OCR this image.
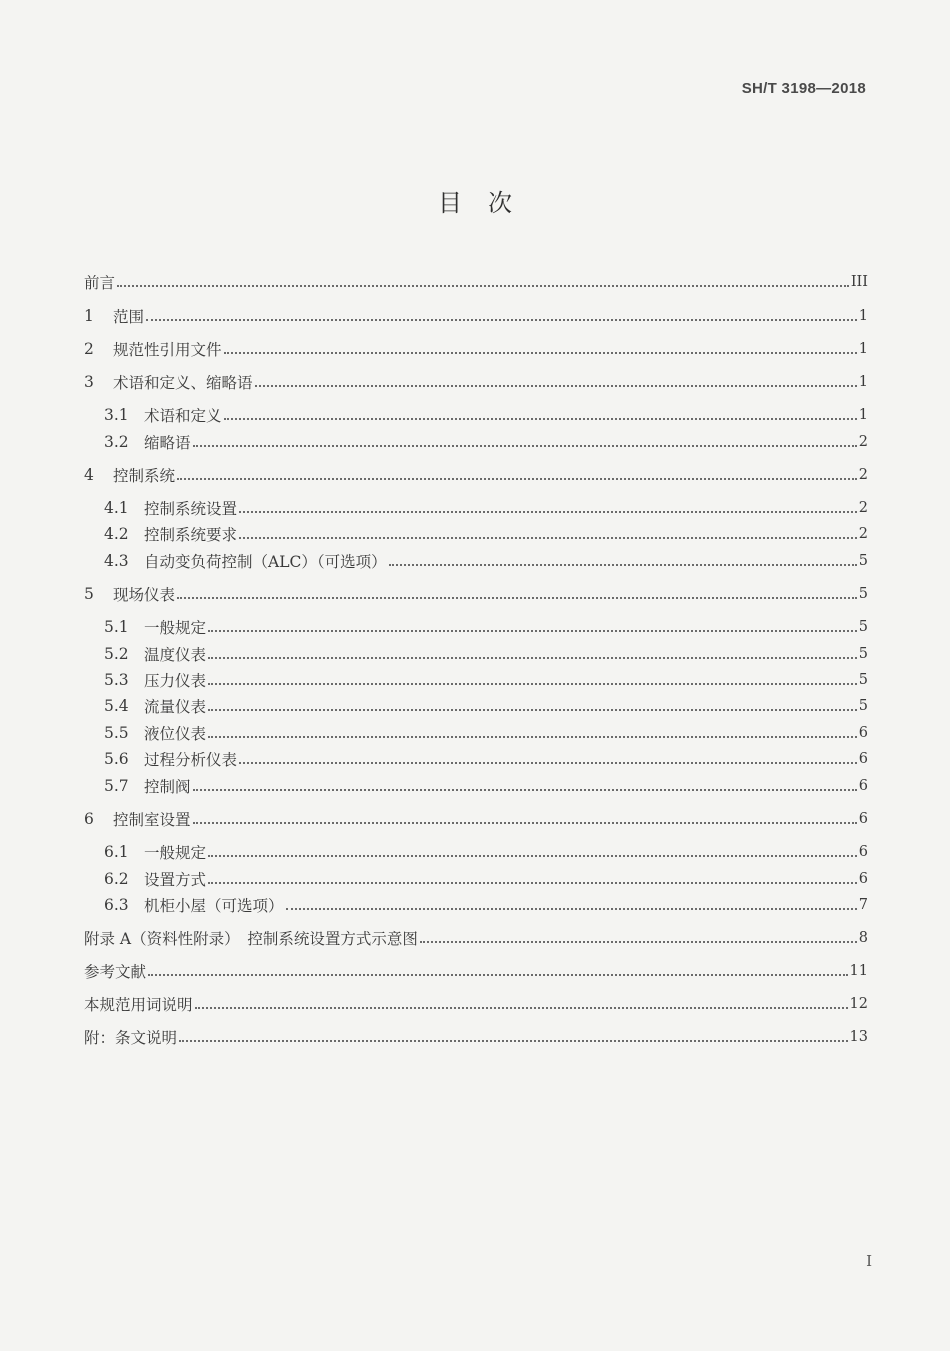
SH/T 3198—2018
目次
前言	III
1	范围	1
2	规范性引用文件	1
3	术语和定义、缩略语	1
3.1 术语和定义	1
3.2 缩略语	2
4	控制系统	2
4.1 控制系统设置	2
4.2 控制系统要求	2
4.3 自动变负荷控制（ALC）（可选项）	5
5	现场仪表	5
5.1 一般规定	5
5.2 温度仪表	5
5.3 压力仪表	5
5.4 流量仪表	5
5.5 液位仪表	6
5.6 过程分析仪表	6
5.7 控制阀	6
6	控制室设置	6
6.1 一般规定	6
6.2 设置方式	6
6.3 机柜小屋（可选项）	7
附录 A（资料性附录）　控制系统设置方式示意图	8
参考文献	11
本规范用词说明	12
附：条文说明	13
I
